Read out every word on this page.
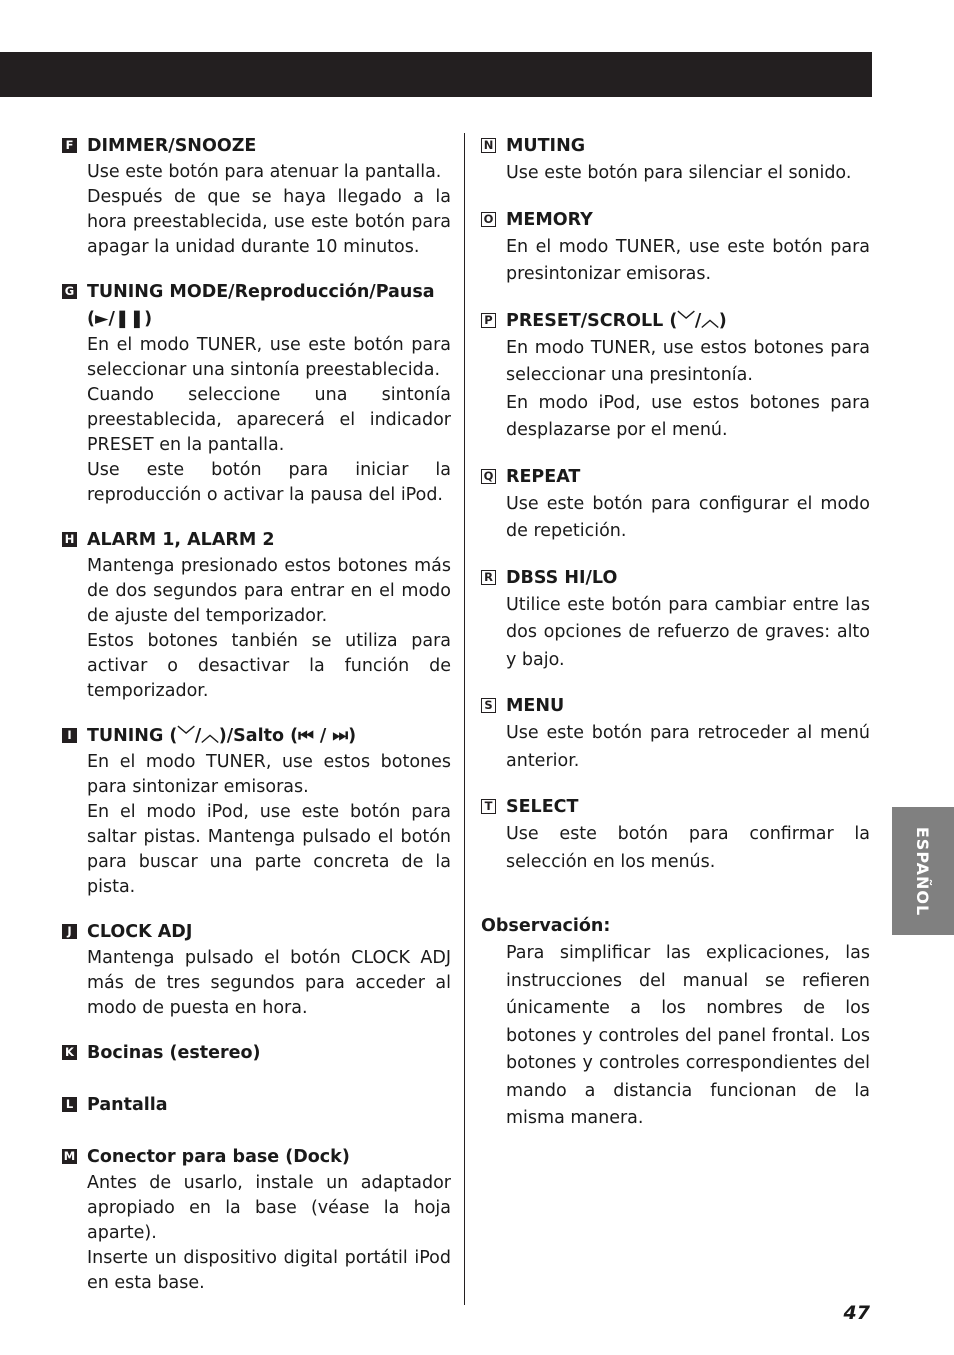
F DIMMER/SNOOZE

Use este botón para atenuar la pantalla.

Después de que se haya llegado a la hora preestablecida, use este botón para apagar la unidad durante 10 minutos.

G TUNING MODE/Reproducción/Pausa (►/❚❚)

En el modo TUNER, use este botón para seleccionar una sintonía preestablecida.

Cuando seleccione una sintonía preestablecida, aparecerá el indicador PRESET en la pantalla.

Use este botón para iniciar la reproducción o activar la pausa del iPod.

H ALARM 1, ALARM 2

Mantenga presionado estos botones más de dos segundos para entrar en el modo de ajuste del temporizador.

Estos botones tanbién se utiliza para activar o desactivar la función de temporizador.

I TUNING (﹀/︿)/Salto (⏮ / ⏭)

En el modo TUNER, use estos botones para sintonizar emisoras.

En el modo iPod, use este botón para saltar pistas. Mantenga pulsado el botón para buscar una parte concreta de la pista.

J CLOCK ADJ

Mantenga pulsado el botón CLOCK ADJ más de tres segundos para acceder al modo de puesta en hora.

K Bocinas (estereo)
L Pantalla
M Conector para base (Dock)

Antes de usarlo, instale un adaptador apropiado en la base (véase la hoja aparte).

Inserte un dispositivo digital portátil iPod en esta base.

N MUTING

Use este botón para silenciar el sonido.

O MEMORY

En el modo TUNER, use este botón para presintonizar emisoras.

P PRESET/SCROLL (﹀/︿)

En modo TUNER, use estos botones para seleccionar una presintonía.

En modo iPod, use estos botones para desplazarse por el menú.

Q REPEAT

Use este botón para configurar el modo de repetición.

R DBSS HI/LO

Utilice este botón para cambiar entre las dos opciones de refuerzo de graves: alto y bajo.

S MENU

Use este botón para retroceder al menú anterior.

T SELECT

Use este botón para confirmar la selección en los menús.

Observación:
Para simplificar las explicaciones, las instrucciones del manual se refieren únicamente a los nombres de los botones y controles del panel frontal. Los botones y controles correspondientes del mando a distancia funcionan de la misma manera.
ESPAÑOL
47
